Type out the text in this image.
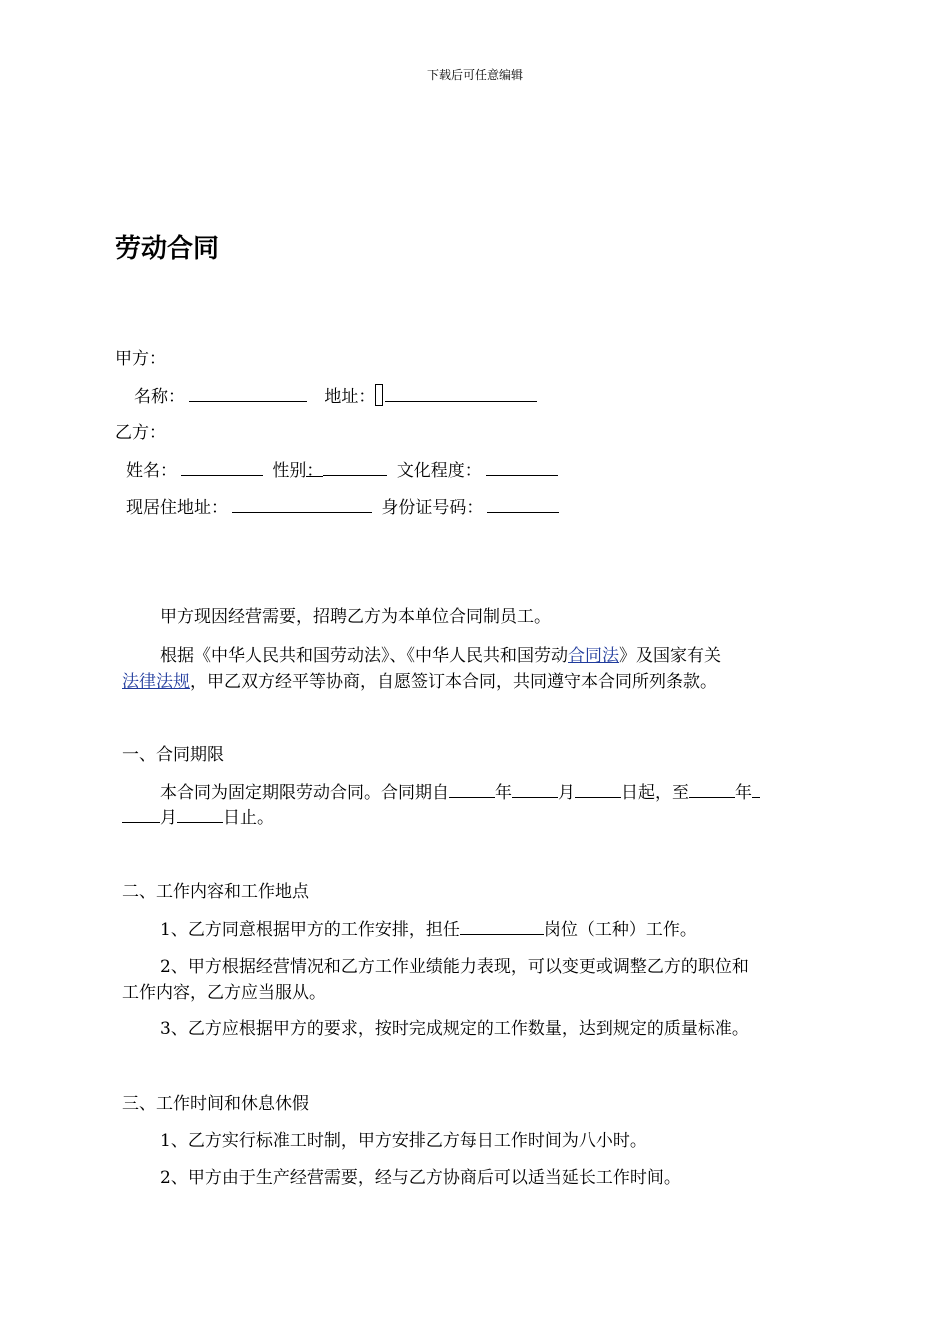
下载后可任意编辑
劳动合同
甲方：
名称：	地址：
乙方：
姓名：	性别：	文化程度：
现居住地址：	身份证号码：
甲方现因经营需要，招聘乙方为本单位合同制员工。
根据《中华人民共和国劳动法》、《中华人民共和国劳动合同法》及国家有关
法律法规，甲乙双方经平等协商，自愿签订本合同，共同遵守本合同所列条款。
一、合同期限
本合同为固定期限劳动合同。合同期自	年	月	日起，至	年
月	日止。
二、工作内容和工作地点
1、乙方同意根据甲方的工作安排，担任	岗位（工种）工作。
2、甲方根据经营情况和乙方工作业绩能力表现，可以变更或调整乙方的职位和
工作内容，乙方应当服从。
3、乙方应根据甲方的要求，按时完成规定的工作数量，达到规定的质量标准。
三、工作时间和休息休假
1、乙方实行标准工时制，甲方安排乙方每日工作时间为八小时。
2、甲方由于生产经营需要，经与乙方协商后可以适当延长工作时间。
